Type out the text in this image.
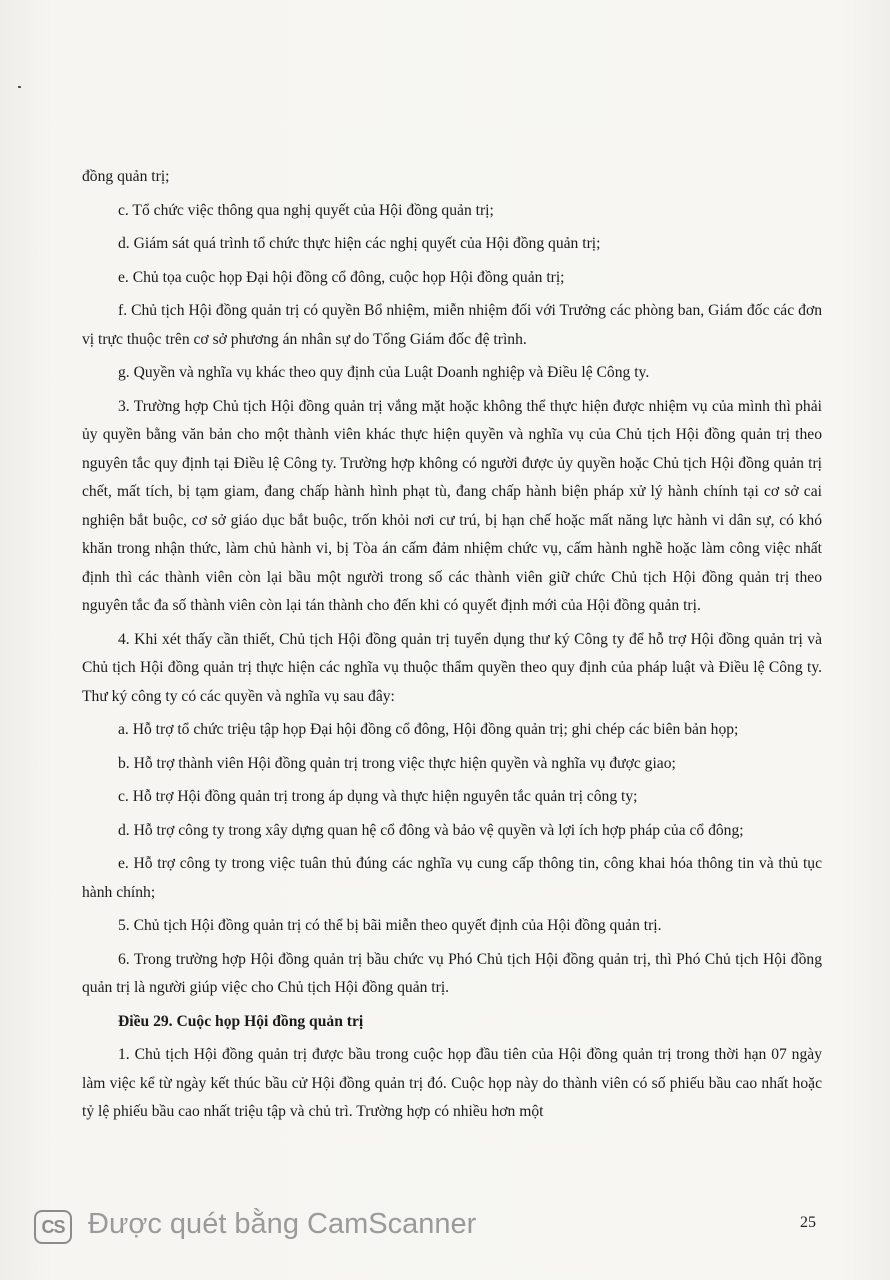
đồng quản trị;

c. Tổ chức việc thông qua nghị quyết của Hội đồng quản trị;

d. Giám sát quá trình tổ chức thực hiện các nghị quyết của Hội đồng quản trị;

e. Chủ tọa cuộc họp Đại hội đồng cổ đông, cuộc họp Hội đồng quản trị;

f. Chủ tịch Hội đồng quản trị có quyền Bổ nhiệm, miễn nhiệm đối với Trưởng các phòng ban, Giám đốc các đơn vị trực thuộc trên cơ sở phương án nhân sự do Tổng Giám đốc đệ trình.

g. Quyền và nghĩa vụ khác theo quy định của Luật Doanh nghiệp và Điều lệ Công ty.

3. Trường hợp Chủ tịch Hội đồng quản trị vắng mặt hoặc không thể thực hiện được nhiệm vụ của mình thì phải ủy quyền bằng văn bản cho một thành viên khác thực hiện quyền và nghĩa vụ của Chủ tịch Hội đồng quản trị theo nguyên tắc quy định tại Điều lệ Công ty. Trường hợp không có người được ủy quyền hoặc Chủ tịch Hội đồng quản trị chết, mất tích, bị tạm giam, đang chấp hành hình phạt tù, đang chấp hành biện pháp xử lý hành chính tại cơ sở cai nghiện bắt buộc, cơ sở giáo dục bắt buộc, trốn khỏi nơi cư trú, bị hạn chế hoặc mất năng lực hành vi dân sự, có khó khăn trong nhận thức, làm chủ hành vi, bị Tòa án cấm đảm nhiệm chức vụ, cấm hành nghề hoặc làm công việc nhất định thì các thành viên còn lại bầu một người trong số các thành viên giữ chức Chủ tịch Hội đồng quản trị theo nguyên tắc đa số thành viên còn lại tán thành cho đến khi có quyết định mới của Hội đồng quản trị.

4. Khi xét thấy cần thiết, Chủ tịch Hội đồng quản trị tuyển dụng thư ký Công ty để hỗ trợ Hội đồng quản trị và Chủ tịch Hội đồng quản trị thực hiện các nghĩa vụ thuộc thẩm quyền theo quy định của pháp luật và Điều lệ Công ty. Thư ký công ty có các quyền và nghĩa vụ sau đây:

a. Hỗ trợ tổ chức triệu tập họp Đại hội đồng cổ đông, Hội đồng quản trị; ghi chép các biên bản họp;

b. Hỗ trợ thành viên Hội đồng quản trị trong việc thực hiện quyền và nghĩa vụ được giao;

c. Hỗ trợ Hội đồng quản trị trong áp dụng và thực hiện nguyên tắc quản trị công ty;

d. Hỗ trợ công ty trong xây dựng quan hệ cổ đông và bảo vệ quyền và lợi ích hợp pháp của cổ đông;

e. Hỗ trợ công ty trong việc tuân thủ đúng các nghĩa vụ cung cấp thông tin, công khai hóa thông tin và thủ tục hành chính;

5. Chủ tịch Hội đồng quản trị có thể bị bãi miễn theo quyết định của Hội đồng quản trị.

6. Trong trường hợp Hội đồng quản trị bầu chức vụ Phó Chủ tịch Hội đồng quản trị, thì Phó Chủ tịch Hội đồng quản trị là người giúp việc cho Chủ tịch Hội đồng quản trị.

Điều 29. Cuộc họp Hội đồng quản trị

1. Chủ tịch Hội đồng quản trị được bầu trong cuộc họp đầu tiên của Hội đồng quản trị trong thời hạn 07 ngày làm việc kể từ ngày kết thúc bầu cử Hội đồng quản trị đó. Cuộc họp này do thành viên có số phiếu bầu cao nhất hoặc tỷ lệ phiếu bầu cao nhất triệu tập và chủ trì. Trường hợp có nhiều hơn một

CS Được quét bằng CamScanner	25
